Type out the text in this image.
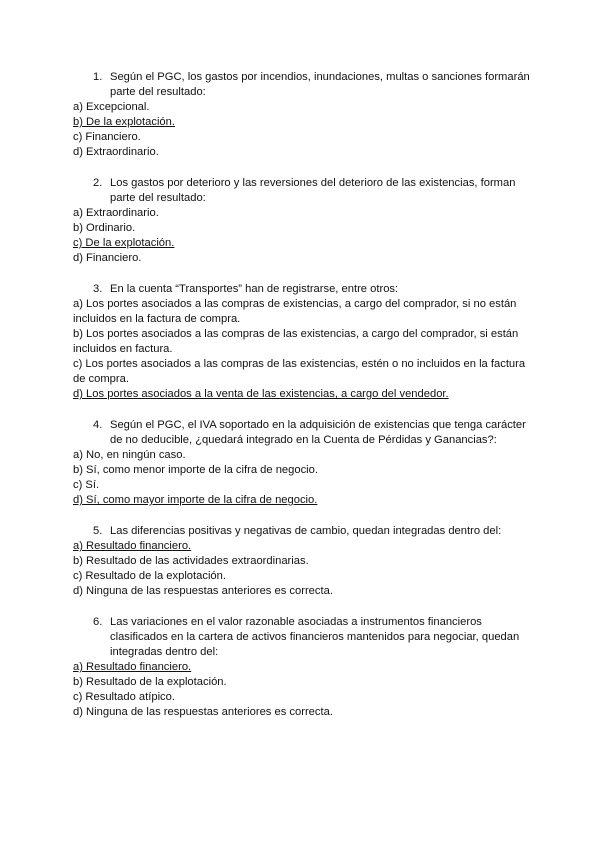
1. Según el PGC, los gastos por incendios, inundaciones, multas o sanciones formarán parte del resultado:
a) Excepcional.
b) De la explotación.
c) Financiero.
d) Extraordinario.
2. Los gastos por deterioro y las reversiones del deterioro de las existencias, forman parte del resultado:
a) Extraordinario.
b) Ordinario.
c) De la explotación.
d) Financiero.
3. En la cuenta “Transportes” han de registrarse, entre otros:
a) Los portes asociados a las compras de existencias, a cargo del comprador, si no están incluidos en la factura de compra.
b) Los portes asociados a las compras de las existencias, a cargo del comprador, si están incluidos en factura.
c) Los portes asociados a las compras de las existencias, estén o no incluidos en la factura de compra.
d) Los portes asociados a la venta de las existencias, a cargo del vendedor.
4. Según el PGC, el IVA soportado en la adquisición de existencias que tenga carácter de no deducible, ¿quedará integrado en la Cuenta de Pérdidas y Ganancias?:
a) No, en ningún caso.
b) Sí, como menor importe de la cifra de negocio.
c) Sí.
d) Sí, como mayor importe de la cifra de negocio.
5. Las diferencias positivas y negativas de cambio, quedan integradas dentro del:
a) Resultado financiero.
b) Resultado de las actividades extraordinarias.
c) Resultado de la explotación.
d) Ninguna de las respuestas anteriores es correcta.
6. Las variaciones en el valor razonable asociadas a instrumentos financieros clasificados en la cartera de activos financieros mantenidos para negociar, quedan integradas dentro del:
a) Resultado financiero.
b) Resultado de la explotación.
c) Resultado atípico.
d) Ninguna de las respuestas anteriores es correcta.
